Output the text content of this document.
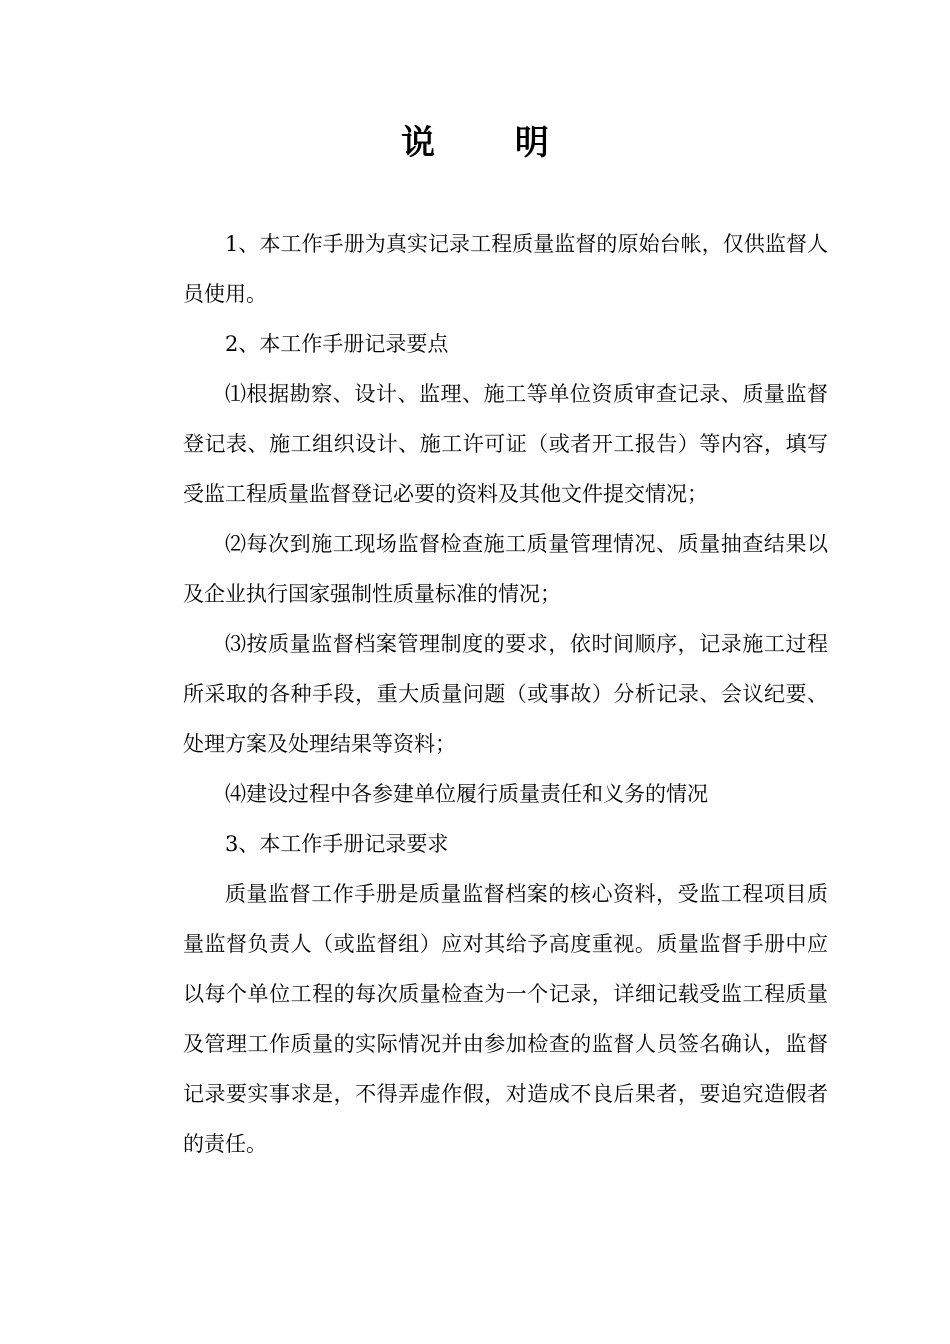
说 明

1、本工作手册为真实记录工程质量监督的原始台帐，仅供监督人员使用。

2、本工作手册记录要点

⑴根据勘察、设计、监理、施工等单位资质审查记录、质量监督登记表、施工组织设计、施工许可证（或者开工报告）等内容，填写受监工程质量监督登记必要的资料及其他文件提交情况；

⑵每次到施工现场监督检查施工质量管理情况、质量抽查结果以及企业执行国家强制性质量标准的情况；

⑶按质量监督档案管理制度的要求，依时间顺序，记录施工过程所采取的各种手段，重大质量问题（或事故）分析记录、会议纪要、处理方案及处理结果等资料；

⑷建设过程中各参建单位履行质量责任和义务的情况

3、本工作手册记录要求

质量监督工作手册是质量监督档案的核心资料，受监工程项目质量监督负责人（或监督组）应对其给予高度重视。质量监督手册中应以每个单位工程的每次质量检查为一个记录，详细记载受监工程质量及管理工作质量的实际情况并由参加检查的监督人员签名确认，监督记录要实事求是，不得弄虚作假，对造成不良后果者，要追究造假者的责任。
